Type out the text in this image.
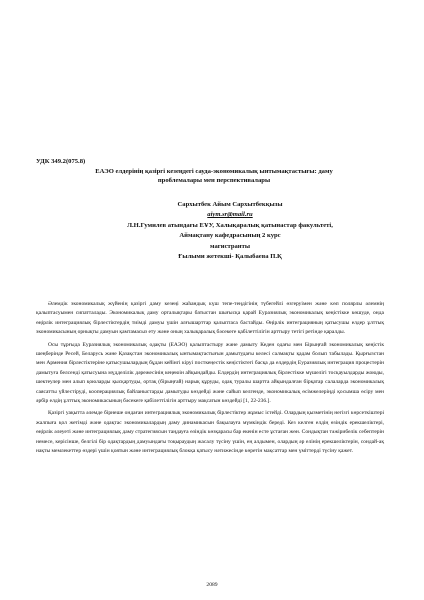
УДК 349.2(075.8)
ЕАЭО елдерінің қазіргі кезеңдегі сауда-экономикалық ынтымақтастығы: даму
проблемалары мен перспективалары
Сархытбек Айым Сархытбекқызы
aiym.sr@mail.ru
Л.Н.Гумилев атындағы ЕҰУ, Халықаралық қатынастар факультеті,
Аймақтану кафедрасының 2 курс
магистранты
Ғылыми жетекші- Қалыбаева П.Қ

Әлемдік экономикалық жүйенің қазіргі даму кезеңі жаһандық күш тепе-теңдігінің түбегейлі өзгеруімен және көп полярлы әлемнің қалыптасуымен сипатталады. Экономикалық даму орталықтары батыстан шығысқа қарай Еуразиялық экономикалық кеңістікке көшуде, онда өңірлік интеграциялық бірлестіктердің тиімді дамуы үшін алғышарттар қалыптаса бастайды. Өңірлік интеграцияның қатысушы елдер ұлттық экономикасының орнықты дамуын қамтамасыз ету және оның халықаралық бәсекеге қабілеттілігін арттыру тетігі ретінде қаралды.

Осы тұрғыда Еуразиялық экономикалық одақты (ЕАЭО) қалыптастыру және дамыту Кеден одағы мен Бірыңғай экономикалық кеңістік шеңберінде Ресей, Беларусь және Қазақстан экономикалық ынтымақтастығын дамытудағы келесі салмақты қадам болып табылады. Қырғызстан мен Армения бірлестіктеріне қатысушылардың бұдан кейінгі кіруі посткеңестік кеңістіктегі басқа да елдердің Еуразиялық интеграция процестерін дамытуға белсенді қатысуына мүдделілік дәрежесінің кеңеюін айқындайды. Елдердің интеграциялық бірлестікке мүшелігі тосқауылдарды жоюды, шектеулер мен алып қоюларды қысқартуды, ортақ (бірыңғай) нарық құруды, одақ туралы шартта айқындалған бірқатар салаларда экономикалық саясатты үйлестіруді, кооперациялық байланыстарды дамытуды көздейді және сайып келгенде, экономикалық өсімжелеріңді қосымша өсіру мен әрбір елдің ұлттық экономикасының бәсекеге қабілеттілігін арттыру мақсатын көздейді [1, 22-236.].

Қазіргі уақытта әлемде бірнеше ондаған интеграциялық экономикалық бірлестіктер жұмыс істейді. Олардың қызметінің негізгі көрсеткіштері жалпыға қол жетімді және одақтас экономикалардың даму динамикасын бақылауға мүмкіндік береді. Кез келген елдің өзіндік ерекшеліктері, өңірлік әлеуеті және интеграциялық даму стратегиясын таңдауға өзіндік көзқарасы бар екенін есте ұстаған жөн. Сондықтан тәжірибелік себептерін немесе, керісінше, белгілі бір одақтардың дамуындағы тоқыраудың жасалу түсіну үшін, ең алдымен, олардың әр елінің ерекшеліктерін, сондай-ақ нақты мемлекеттер өздері үшін қоятын және интеграциялық блокқа қатысу нәтижесінде көретін мақсаттар мен үміттерді түсіну қажет.

2089
